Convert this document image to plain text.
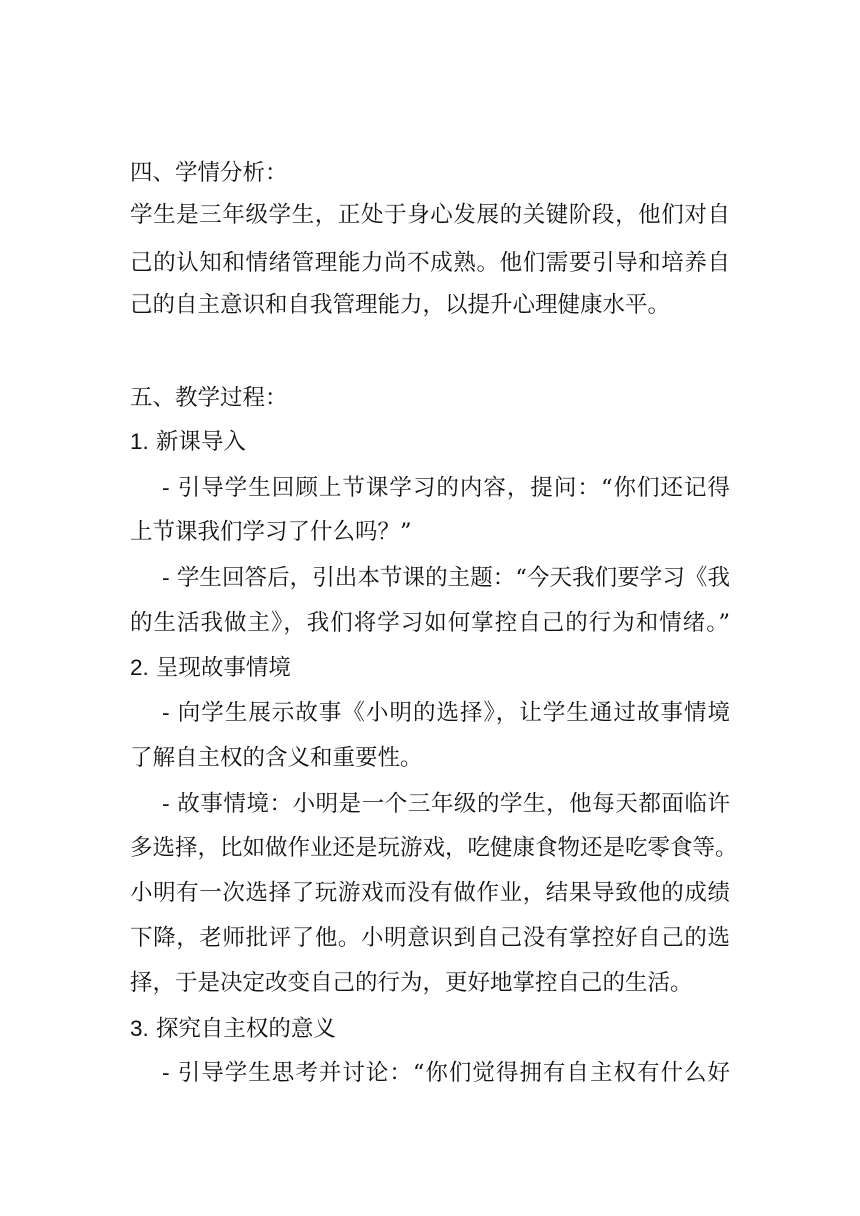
四、学情分析：
学生是三年级学生，正处于身心发展的关键阶段，他们对自
己的认知和情绪管理能力尚不成熟。他们需要引导和培养自
己的自主意识和自我管理能力，以提升心理健康水平。
五、教学过程：
1. 新课导入
- 引导学生回顾上节课学习的内容，提问：“你们还记得
上节课我们学习了什么吗？”
- 学生回答后，引出本节课的主题：“今天我们要学习《我
的生活我做主》，我们将学习如何掌控自己的行为和情绪。”
2. 呈现故事情境
- 向学生展示故事《小明的选择》，让学生通过故事情境
了解自主权的含义和重要性。
- 故事情境：小明是一个三年级的学生，他每天都面临许
多选择，比如做作业还是玩游戏，吃健康食物还是吃零食等。
小明有一次选择了玩游戏而没有做作业，结果导致他的成绩
下降，老师批评了他。小明意识到自己没有掌控好自己的选
择，于是决定改变自己的行为，更好地掌控自己的生活。
3. 探究自主权的意义
- 引导学生思考并讨论：“你们觉得拥有自主权有什么好
